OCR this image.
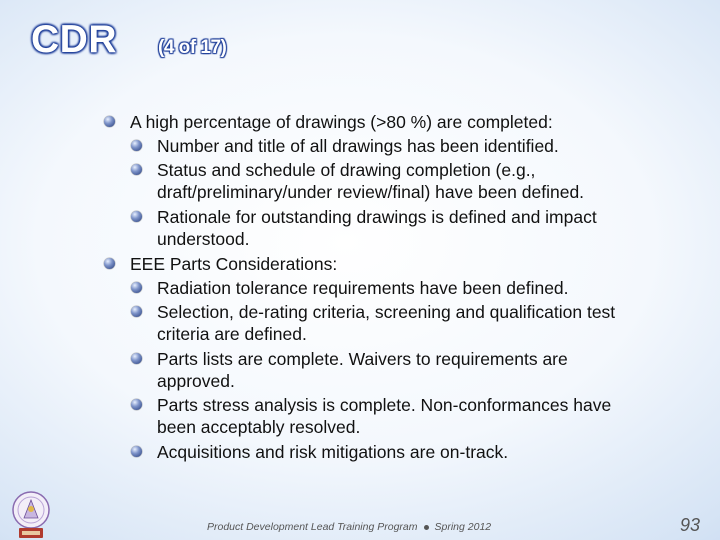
CDR (4 of 17)
A high percentage of drawings (>80 %) are completed:
Number and title of all drawings has been identified.
Status and schedule of drawing completion (e.g.,
draft/preliminary/under review/final) have been defined.
Rationale for outstanding drawings is defined and impact
understood.
EEE Parts Considerations:
Radiation tolerance requirements have been defined.
Selection, de-rating criteria, screening and qualification test
criteria are defined.
Parts lists are complete. Waivers to requirements are
approved.
Parts stress analysis is complete. Non-conformances have
been acceptably resolved.
Acquisitions and risk mitigations are on-track.
Product Development Lead Training Program Spring 2012	93
